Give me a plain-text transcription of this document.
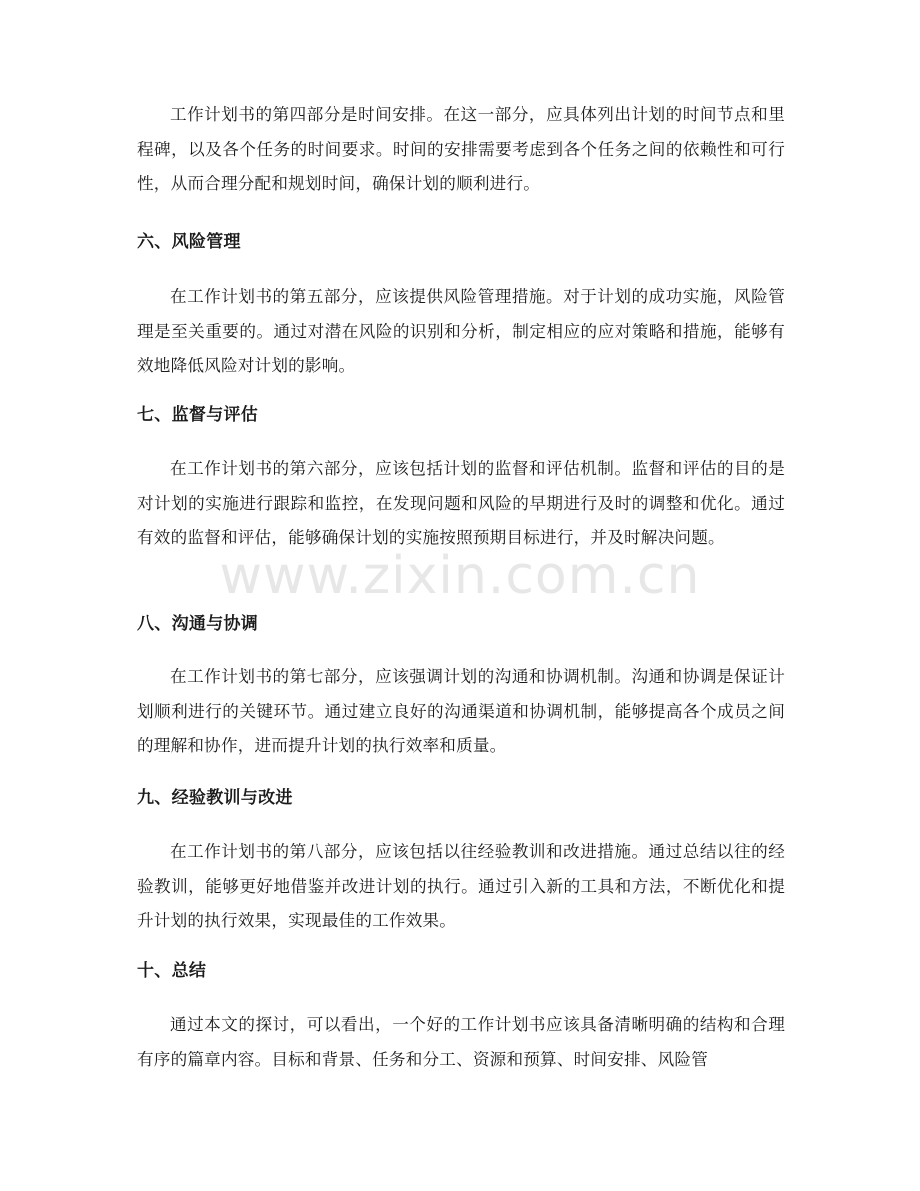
www.zixin.com.cn

工作计划书的第四部分是时间安排。在这一部分，应具体列出计划的时间节点和里程碑，以及各个任务的时间要求。时间的安排需要考虑到各个任务之间的依赖性和可行性，从而合理分配和规划时间，确保计划的顺利进行。

六、风险管理

在工作计划书的第五部分，应该提供风险管理措施。对于计划的成功实施，风险管理是至关重要的。通过对潜在风险的识别和分析，制定相应的应对策略和措施，能够有效地降低风险对计划的影响。

七、监督与评估

在工作计划书的第六部分，应该包括计划的监督和评估机制。监督和评估的目的是对计划的实施进行跟踪和监控，在发现问题和风险的早期进行及时的调整和优化。通过有效的监督和评估，能够确保计划的实施按照预期目标进行，并及时解决问题。

八、沟通与协调

在工作计划书的第七部分，应该强调计划的沟通和协调机制。沟通和协调是保证计划顺利进行的关键环节。通过建立良好的沟通渠道和协调机制，能够提高各个成员之间的理解和协作，进而提升计划的执行效率和质量。

九、经验教训与改进

在工作计划书的第八部分，应该包括以往经验教训和改进措施。通过总结以往的经验教训，能够更好地借鉴并改进计划的执行。通过引入新的工具和方法，不断优化和提升计划的执行效果，实现最佳的工作效果。

十、总结

通过本文的探讨，可以看出，一个好的工作计划书应该具备清晰明确的结构和合理有序的篇章内容。目标和背景、任务和分工、资源和预算、时间安排、风险管
